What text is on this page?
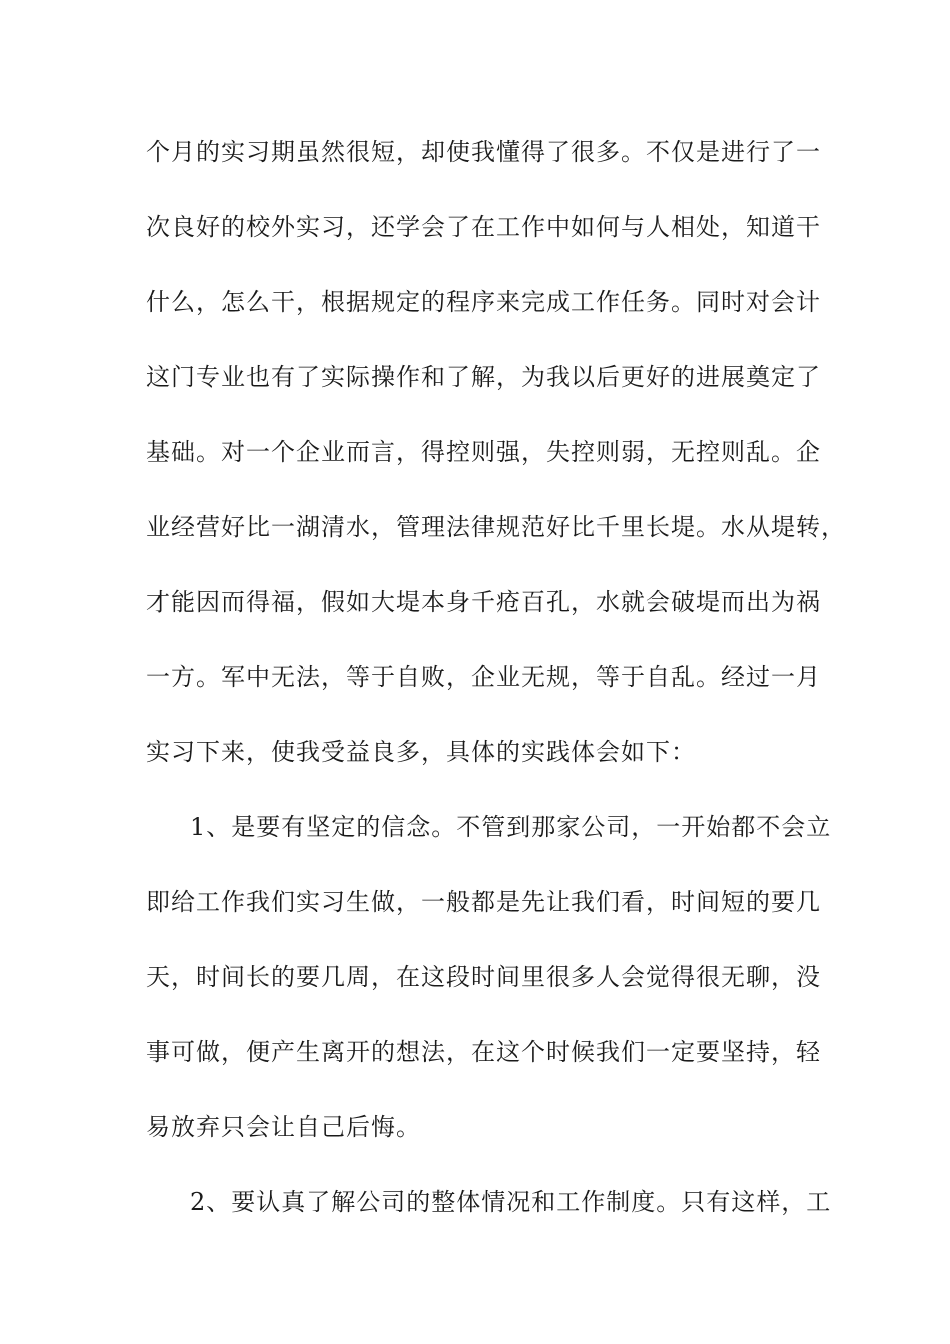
个月的实习期虽然很短，却使我懂得了很多。不仅是进行了一
次良好的校外实习，还学会了在工作中如何与人相处，知道干
什么，怎么干，根据规定的程序来完成工作任务。同时对会计
这门专业也有了实际操作和了解，为我以后更好的进展奠定了
基础。对一个企业而言，得控则强，失控则弱，无控则乱。企
业经营好比一湖清水，管理法律规范好比千里长堤。水从堤转，
才能因而得福，假如大堤本身千疮百孔，水就会破堤而出为祸
一方。军中无法，等于自败，企业无规，等于自乱。经过一月
实习下来，使我受益良多，具体的实践体会如下：
1、是要有坚定的信念。不管到那家公司，一开始都不会立
即给工作我们实习生做，一般都是先让我们看，时间短的要几
天，时间长的要几周，在这段时间里很多人会觉得很无聊，没
事可做，便产生离开的想法，在这个时候我们一定要坚持，轻
易放弃只会让自己后悔。
2、要认真了解公司的整体情况和工作制度。只有这样，工
